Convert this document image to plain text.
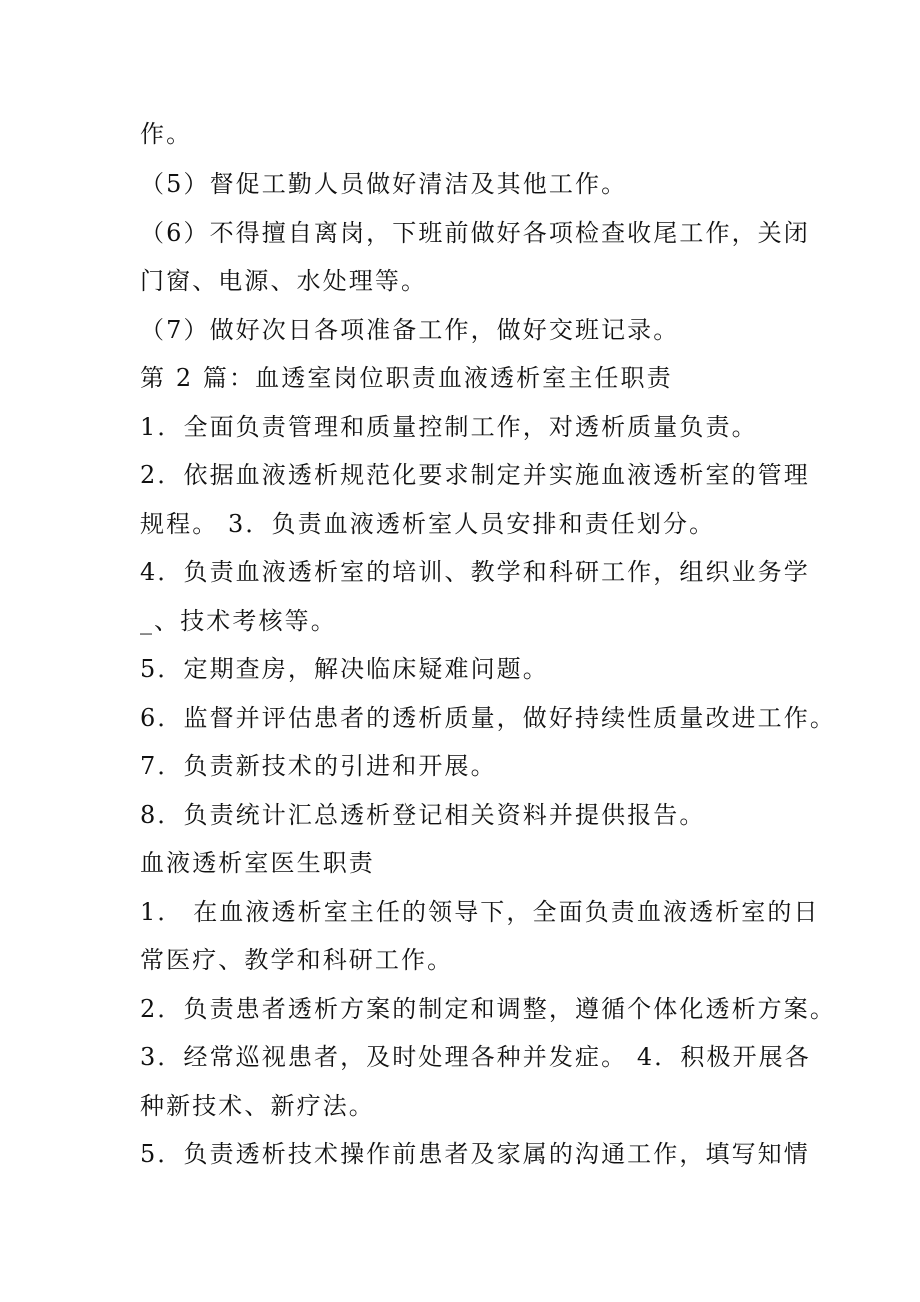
作。
（5）督促工勤人员做好清洁及其他工作。
（6）不得擅自离岗，下班前做好各项检查收尾工作，关闭
门窗、电源、水处理等。
（7）做好次日各项准备工作，做好交班记录。
第 2 篇：血透室岗位职责血液透析室主任职责
1．全面负责管理和质量控制工作，对透析质量负责。
2．依据血液透析规范化要求制定并实施血液透析室的管理
规程。 3．负责血液透析室人员安排和责任划分。
4．负责血液透析室的培训、教学和科研工作，组织业务学
_、技术考核等。
5．定期查房，解决临床疑难问题。
6．监督并评估患者的透析质量，做好持续性质量改进工作。
7．负责新技术的引进和开展。
8．负责统计汇总透析登记相关资料并提供报告。
血液透析室医生职责
1． 在血液透析室主任的领导下，全面负责血液透析室的日
常医疗、教学和科研工作。
2．负责患者透析方案的制定和调整，遵循个体化透析方案。
3．经常巡视患者，及时处理各种并发症。 4．积极开展各
种新技术、新疗法。
5．负责透析技术操作前患者及家属的沟通工作，填写知情
